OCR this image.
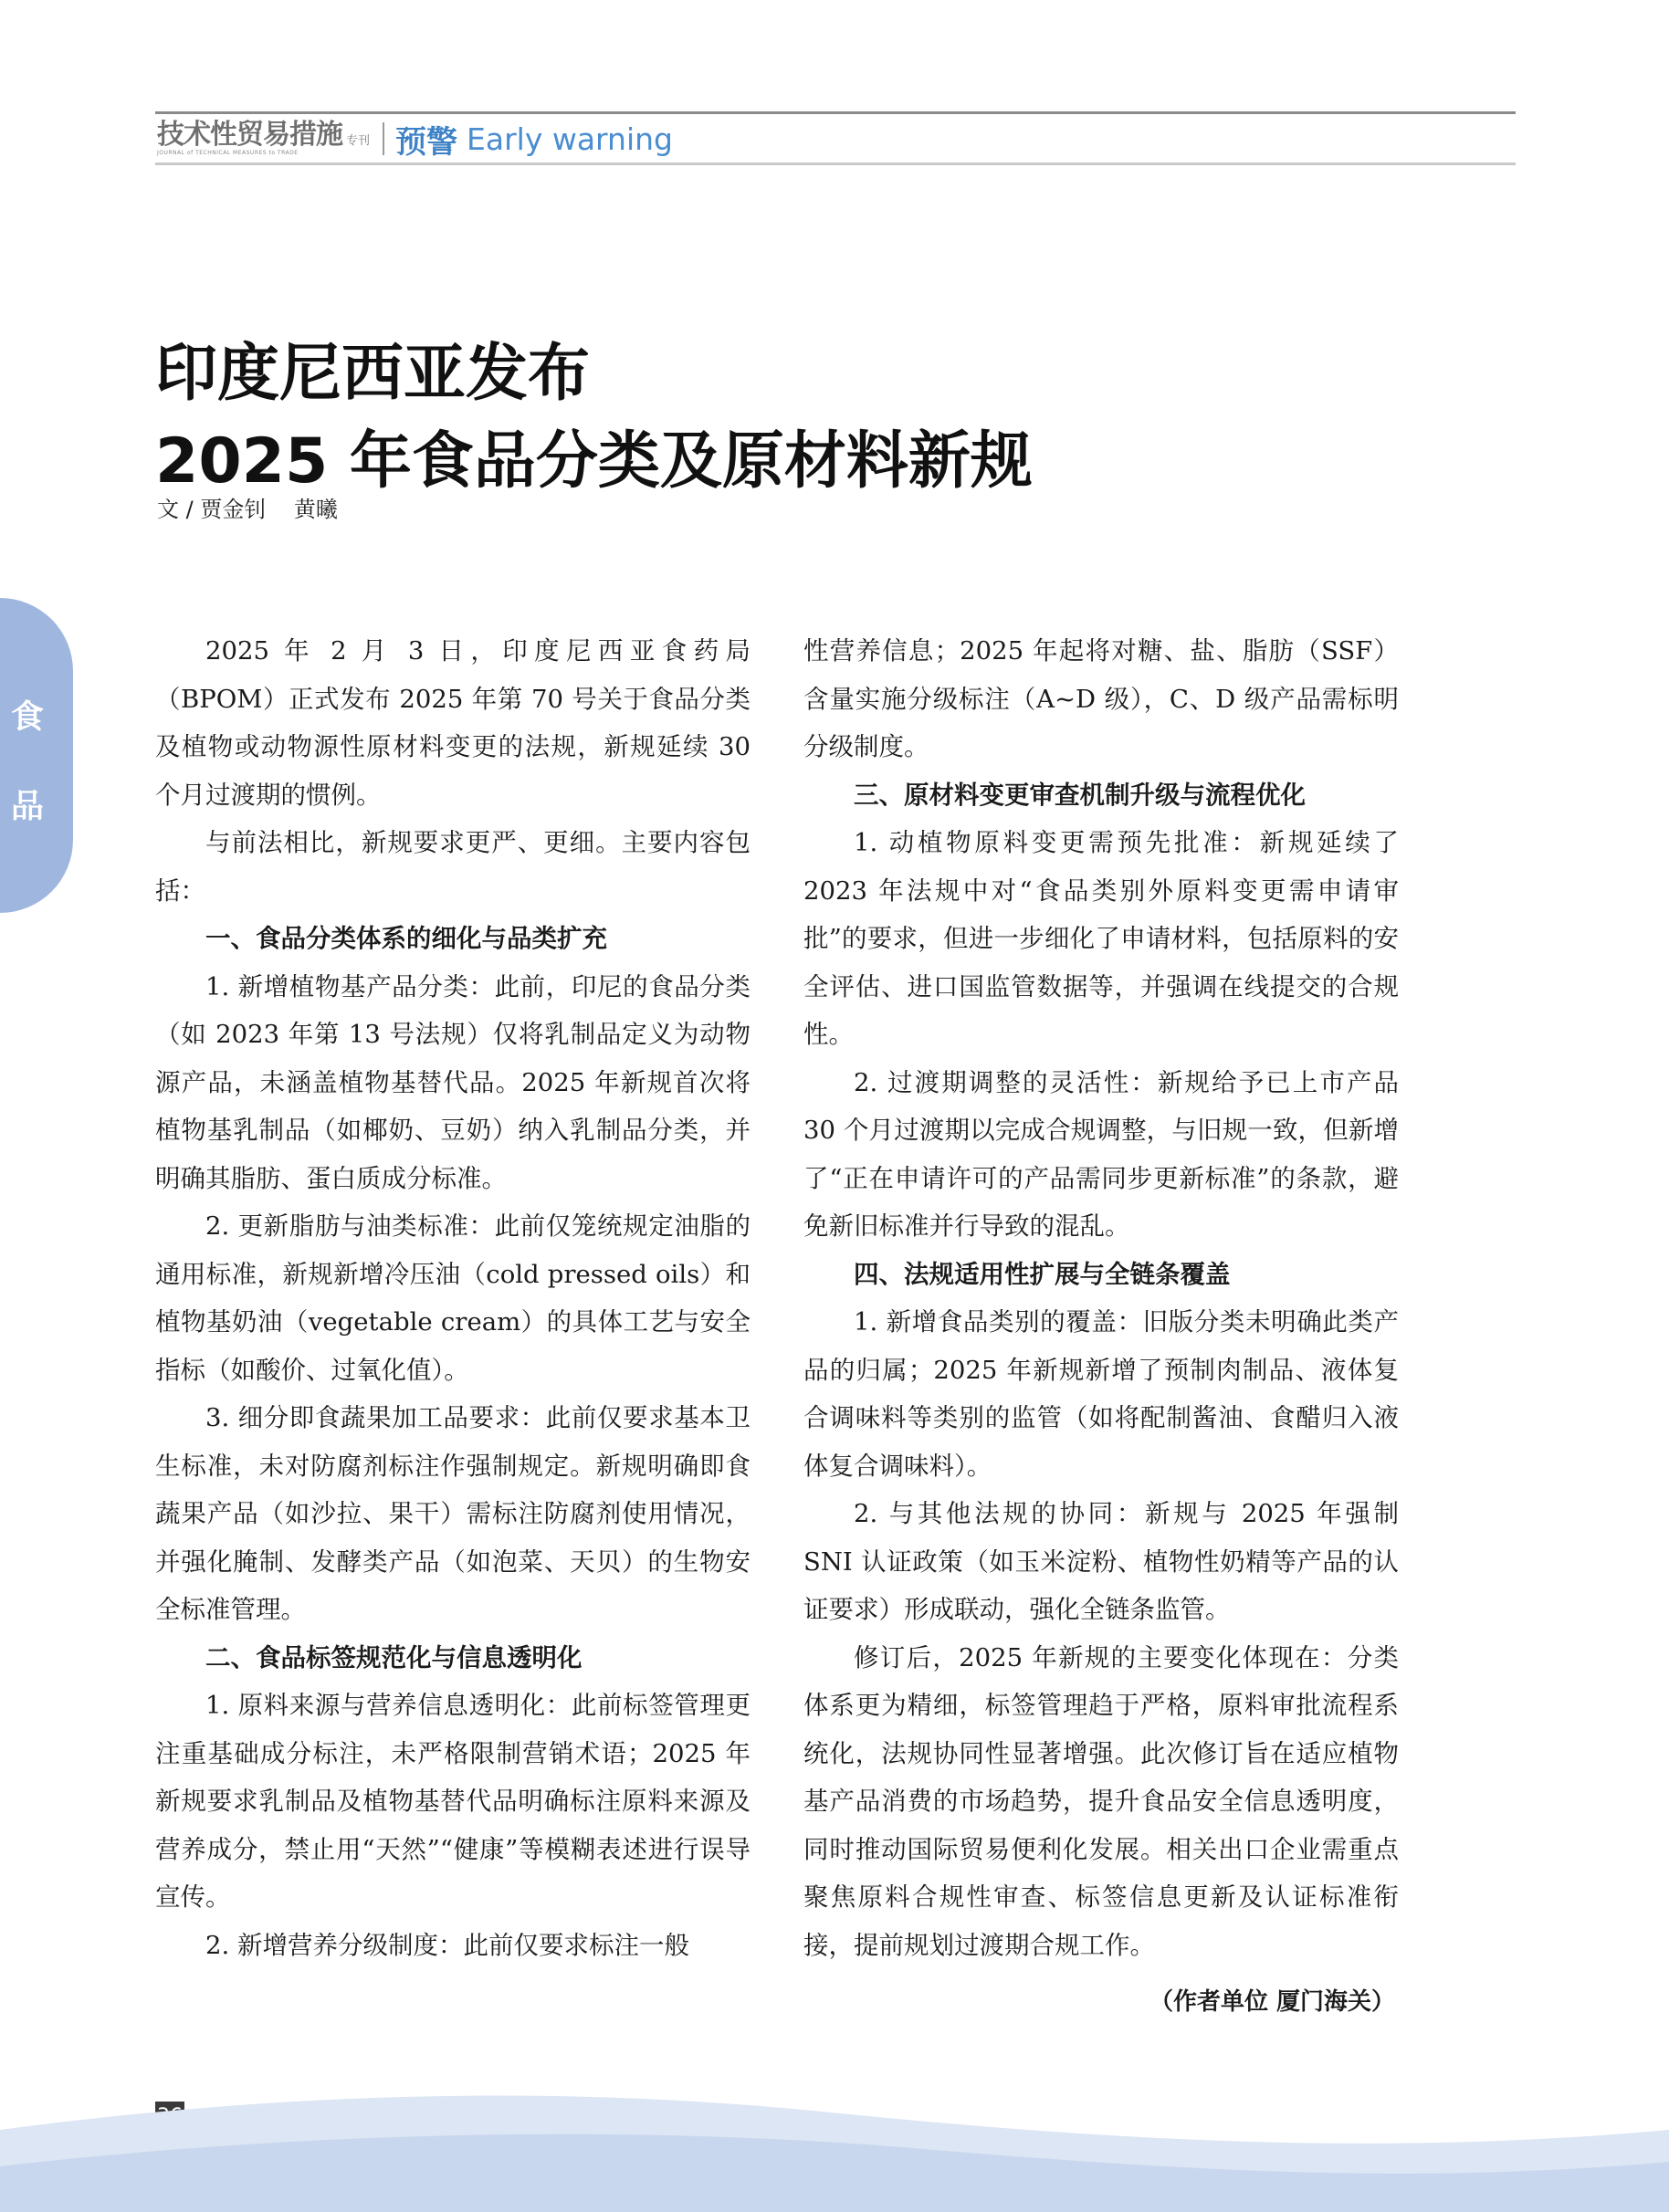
技术性贸易措施
JOURNAL of TECHNICAL MEASURES to TRADE
专刊 预警 Early warning
印度尼西亚发布
2025 年食品分类及原材料新规
文 / 贾金钊    黄曦
食
品

2025 年 2 月 3 日，印度尼西亚食药局（BPOM）正式发布 2025 年第 70 号关于食品分类及植物或动物源性原材料变更的法规，新规延续 30 个月过渡期的惯例。

与前法相比，新规要求更严、更细。主要内容包括：

一、食品分类体系的细化与品类扩充

1. 新增植物基产品分类：此前，印尼的食品分类（如 2023 年第 13 号法规）仅将乳制品定义为动物源产品，未涵盖植物基替代品。2025 年新规首次将植物基乳制品（如椰奶、豆奶）纳入乳制品分类，并明确其脂肪、蛋白质成分标准。

2. 更新脂肪与油类标准：此前仅笼统规定油脂的通用标准，新规新增冷压油（cold pressed oils）和植物基奶油（vegetable cream）的具体工艺与安全指标（如酸价、过氧化值）。

3. 细分即食蔬果加工品要求：此前仅要求基本卫生标准，未对防腐剂标注作强制规定。新规明确即食蔬果产品（如沙拉、果干）需标注防腐剂使用情况，并强化腌制、发酵类产品（如泡菜、天贝）的生物安全标准管理。

二、食品标签规范化与信息透明化

1. 原料来源与营养信息透明化：此前标签管理更注重基础成分标注，未严格限制营销术语；2025 年新规要求乳制品及植物基替代品明确标注原料来源及营养成分，禁止用“天然”“健康”等模糊表述进行误导宣传。

2. 新增营养分级制度：此前仅要求标注一般

性营养信息；2025 年起将对糖、盐、脂肪（SSF）含量实施分级标注（A~D 级），C、D 级产品需标明分级制度。

三、原材料变更审查机制升级与流程优化

1. 动植物原料变更需预先批准：新规延续了 2023 年法规中对“食品类别外原料变更需申请审批”的要求，但进一步细化了申请材料，包括原料的安全评估、进口国监管数据等，并强调在线提交的合规性。

2. 过渡期调整的灵活性：新规给予已上市产品 30 个月过渡期以完成合规调整，与旧规一致，但新增了“正在申请许可的产品需同步更新标准”的条款，避免新旧标准并行导致的混乱。

四、法规适用性扩展与全链条覆盖

1. 新增食品类别的覆盖：旧版分类未明确此类产品的归属；2025 年新规新增了预制肉制品、液体复合调味料等类别的监管（如将配制酱油、食醋归入液体复合调味料）。

2. 与其他法规的协同：新规与 2025 年强制 SNI 认证政策（如玉米淀粉、植物性奶精等产品的认证要求）形成联动，强化全链条监管。

修订后，2025 年新规的主要变化体现在：分类体系更为精细，标签管理趋于严格，原料审批流程系统化，法规协同性显著增强。此次修订旨在适应植物基产品消费的市场趋势，提升食品安全信息透明度，同时推动国际贸易便利化发展。相关出口企业需重点聚焦原料合规性审查、标签信息更新及认证标准衔接，提前规划过渡期合规工作。

（作者单位 厦门海关）
